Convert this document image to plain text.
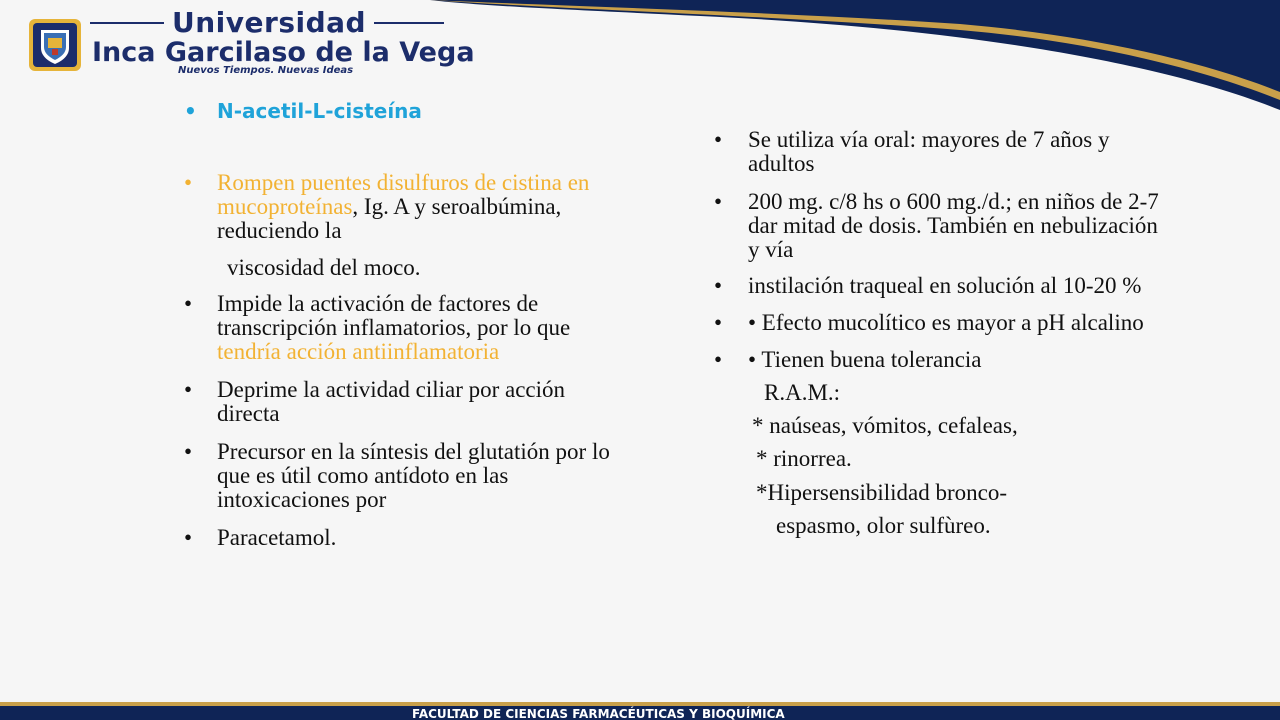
Universidad
Inca Garcilaso de la Vega
Nuevos Tiempos. Nuevas Ideas
•	N-acetil-L-cisteína
•	Rompen puentes disulfuros de cistina en mucoproteínas, Ig. A y seroalbúmina, reduciendo la
viscosidad del moco.
•	Impide la activación de factores de transcripción inflamatorios, por lo que tendría acción antiinflamatoria
•	Deprime la actividad ciliar por acción directa
•	Precursor en la síntesis del glutatión por lo que es útil como antídoto en las intoxicaciones por
•	Paracetamol.
•	Se utiliza vía oral: mayores de 7 años y adultos
•	200 mg. c/8 hs o 600 mg./d.; en niños de 2-7 dar mitad de dosis. También en nebulización y vía
•	instilación traqueal en solución al 10-20 %
•	• Efecto mucolítico es mayor a pH alcalino
•	• Tienen buena tolerancia
R.A.M.:
* naúseas, vómitos, cefaleas,
* rinorrea.
*Hipersensibilidad bronco-
espasmo, olor sulfùreo.
FACULTAD DE CIENCIAS FARMACÉUTICAS Y BIOQUÍMICA
